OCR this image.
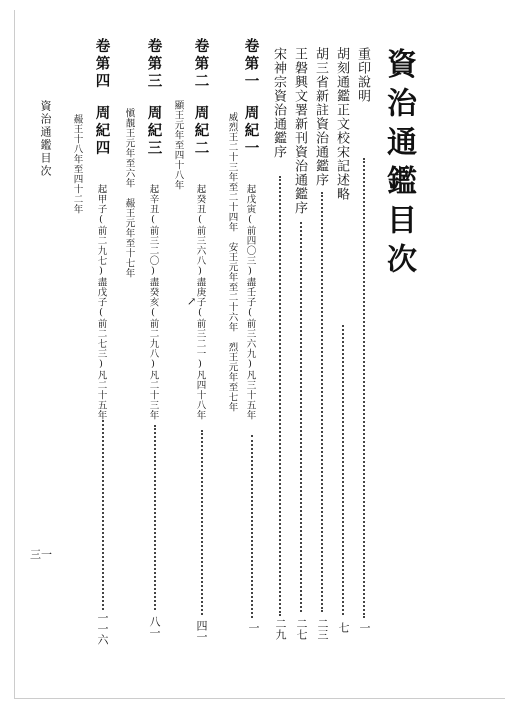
資治通鑑目次
重印說明
一
胡刻通鑑正文校宋記述略
七
胡三省新註資治通鑑序
二三
王磐興文署新刊資治通鑑序
二七
宋神宗資治通鑑序
二九
卷第一
周紀一
起戊寅(前四〇三)盡壬子(前三六九)凡三十五年
威烈王二十三年至二十四年　安王元年至二十六年　烈王元年至七年
一
卷第二
周紀二
起癸丑(前三六八)盡庚子(前三二一)凡四十八年
顯王元年至四十八年
四一
↗
卷第三
周紀三
起辛丑(前三二〇)盡癸亥(前二九八)凡二十三年
愼靚王元年至六年　赧王元年至十七年
八一
卷第四
周紀四
起甲子(前二九七)盡戊子(前二七三)凡二十五年
赧王十八年至四十二年
一一六
資治通鑑目次
三一
